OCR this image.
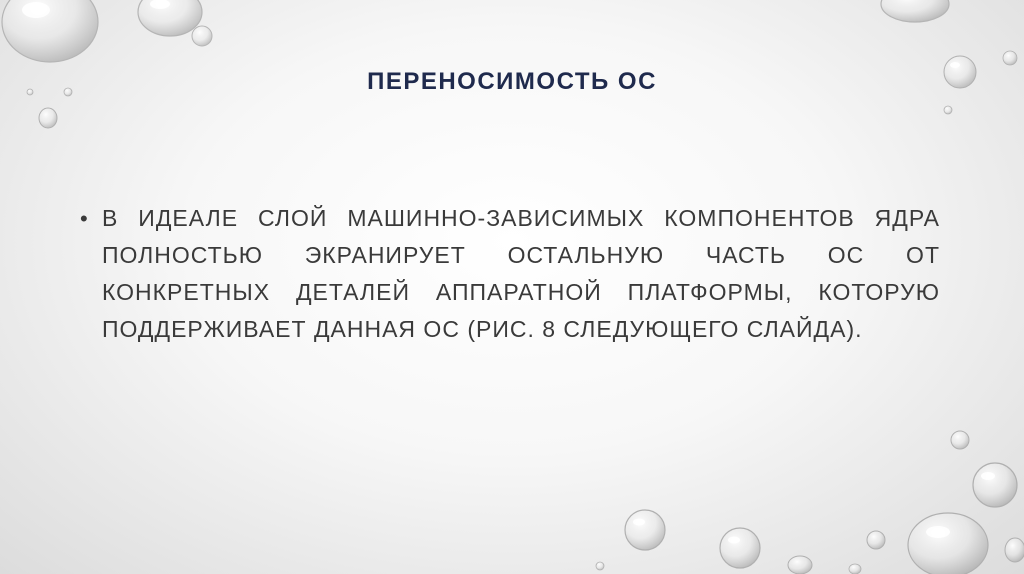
ПЕРЕНОСИМОСТЬ ОС
• В ИДЕАЛЕ СЛОЙ МАШИННО-ЗАВИСИМЫХ КОМПОНЕНТОВ ЯДРА ПОЛНОСТЬЮ ЭКРАНИРУЕТ ОСТАЛЬНУЮ ЧАСТЬ ОС ОТ КОНКРЕТНЫХ ДЕТАЛЕЙ АППАРАТНОЙ ПЛАТФОРМЫ, КОТОРУЮ ПОДДЕРЖИВАЕТ ДАННАЯ ОС (РИС. 8 СЛЕДУЮЩЕГО СЛАЙДА).
